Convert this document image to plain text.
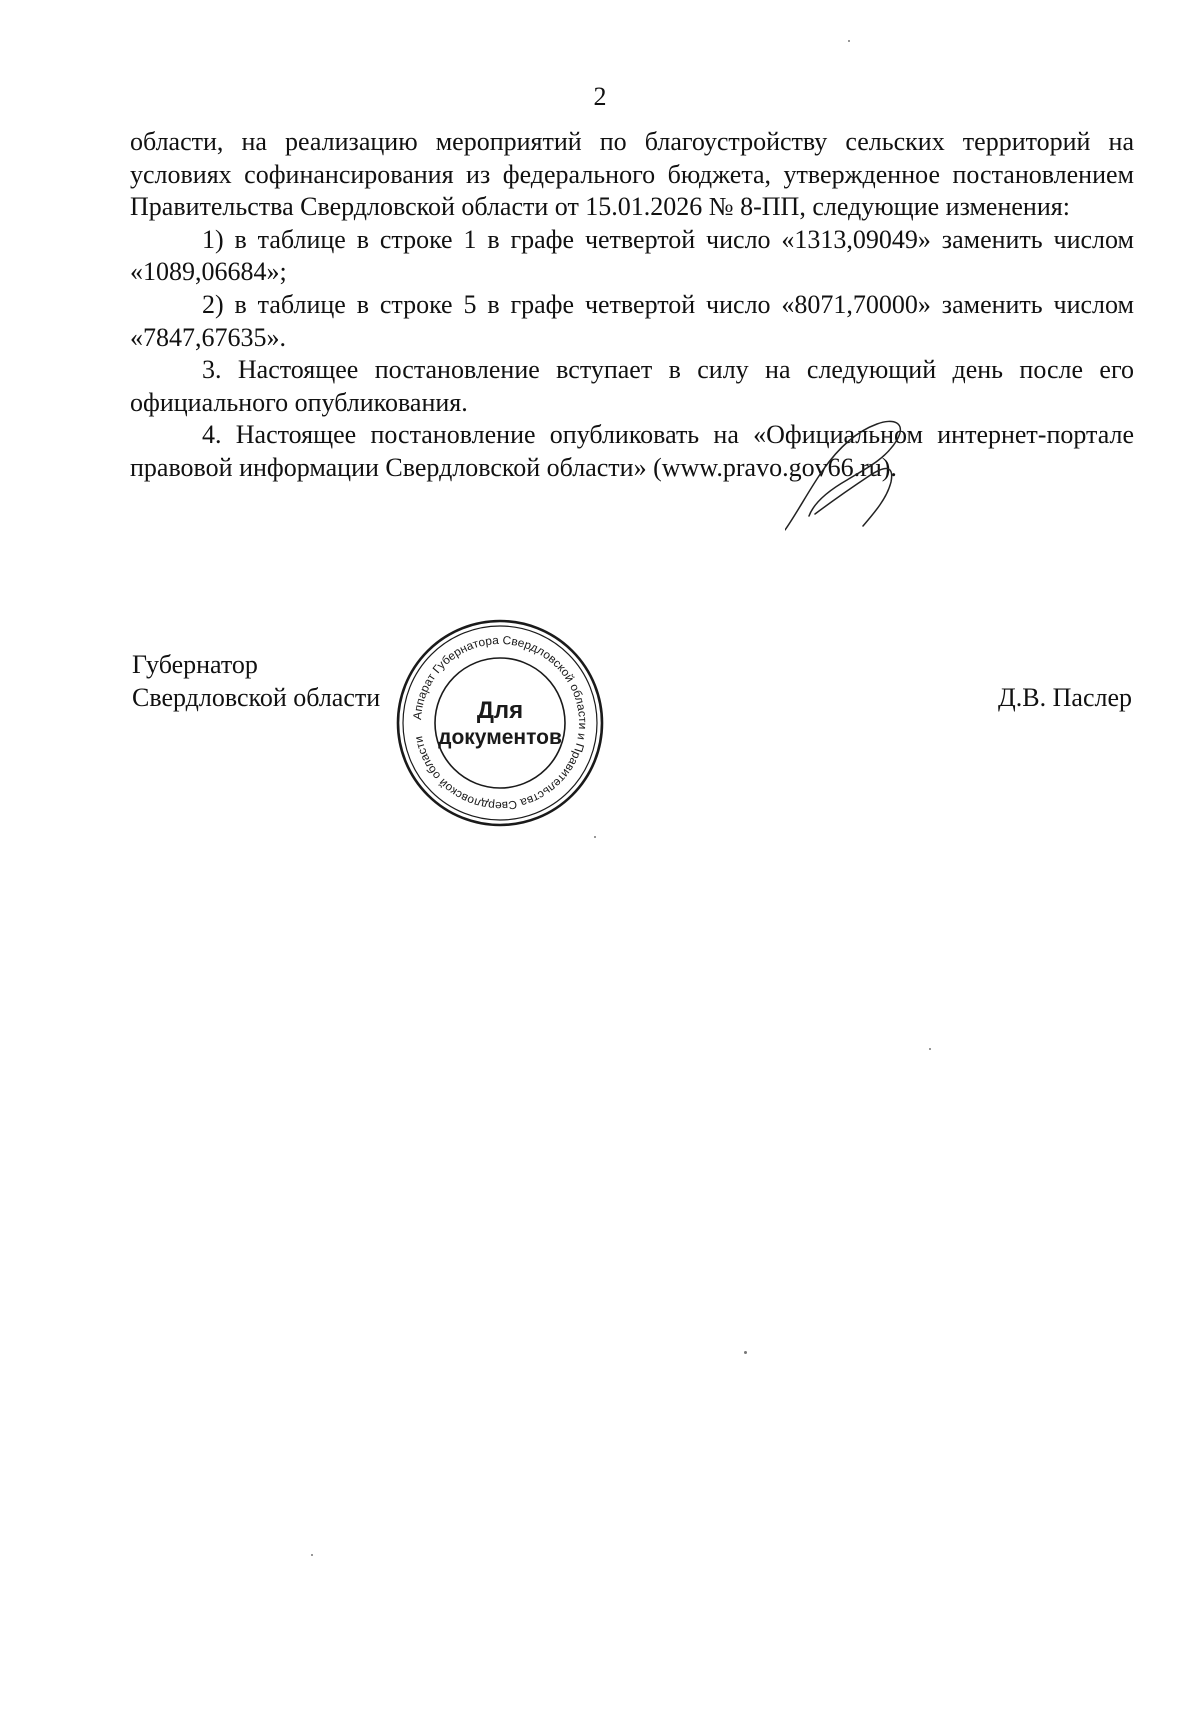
2

области, на реализацию мероприятий по благоустройству сельских территорий на условиях софинансирования из федерального бюджета, утвержденное постановлением Правительства Свердловской области от 15.01.2026 № 8-ПП, следующие изменения:

1) в таблице в строке 1 в графе четвертой число «1313,09049» заменить числом «1089,06684»;

2) в таблице в строке 5 в графе четвертой число «8071,70000» заменить числом «7847,67635».

3. Настоящее постановление вступает в силу на следующий день после его официального опубликования.

4. Настоящее постановление опубликовать на «Официальном интернет-портале правовой информации Свердловской области» (www.pravo.gov66.ru).

Губернатор
Свердловской области	Д.В. Паслер
Аппарат Губернатора Свердловской области и Правительства Свердловской области
Для
документов
